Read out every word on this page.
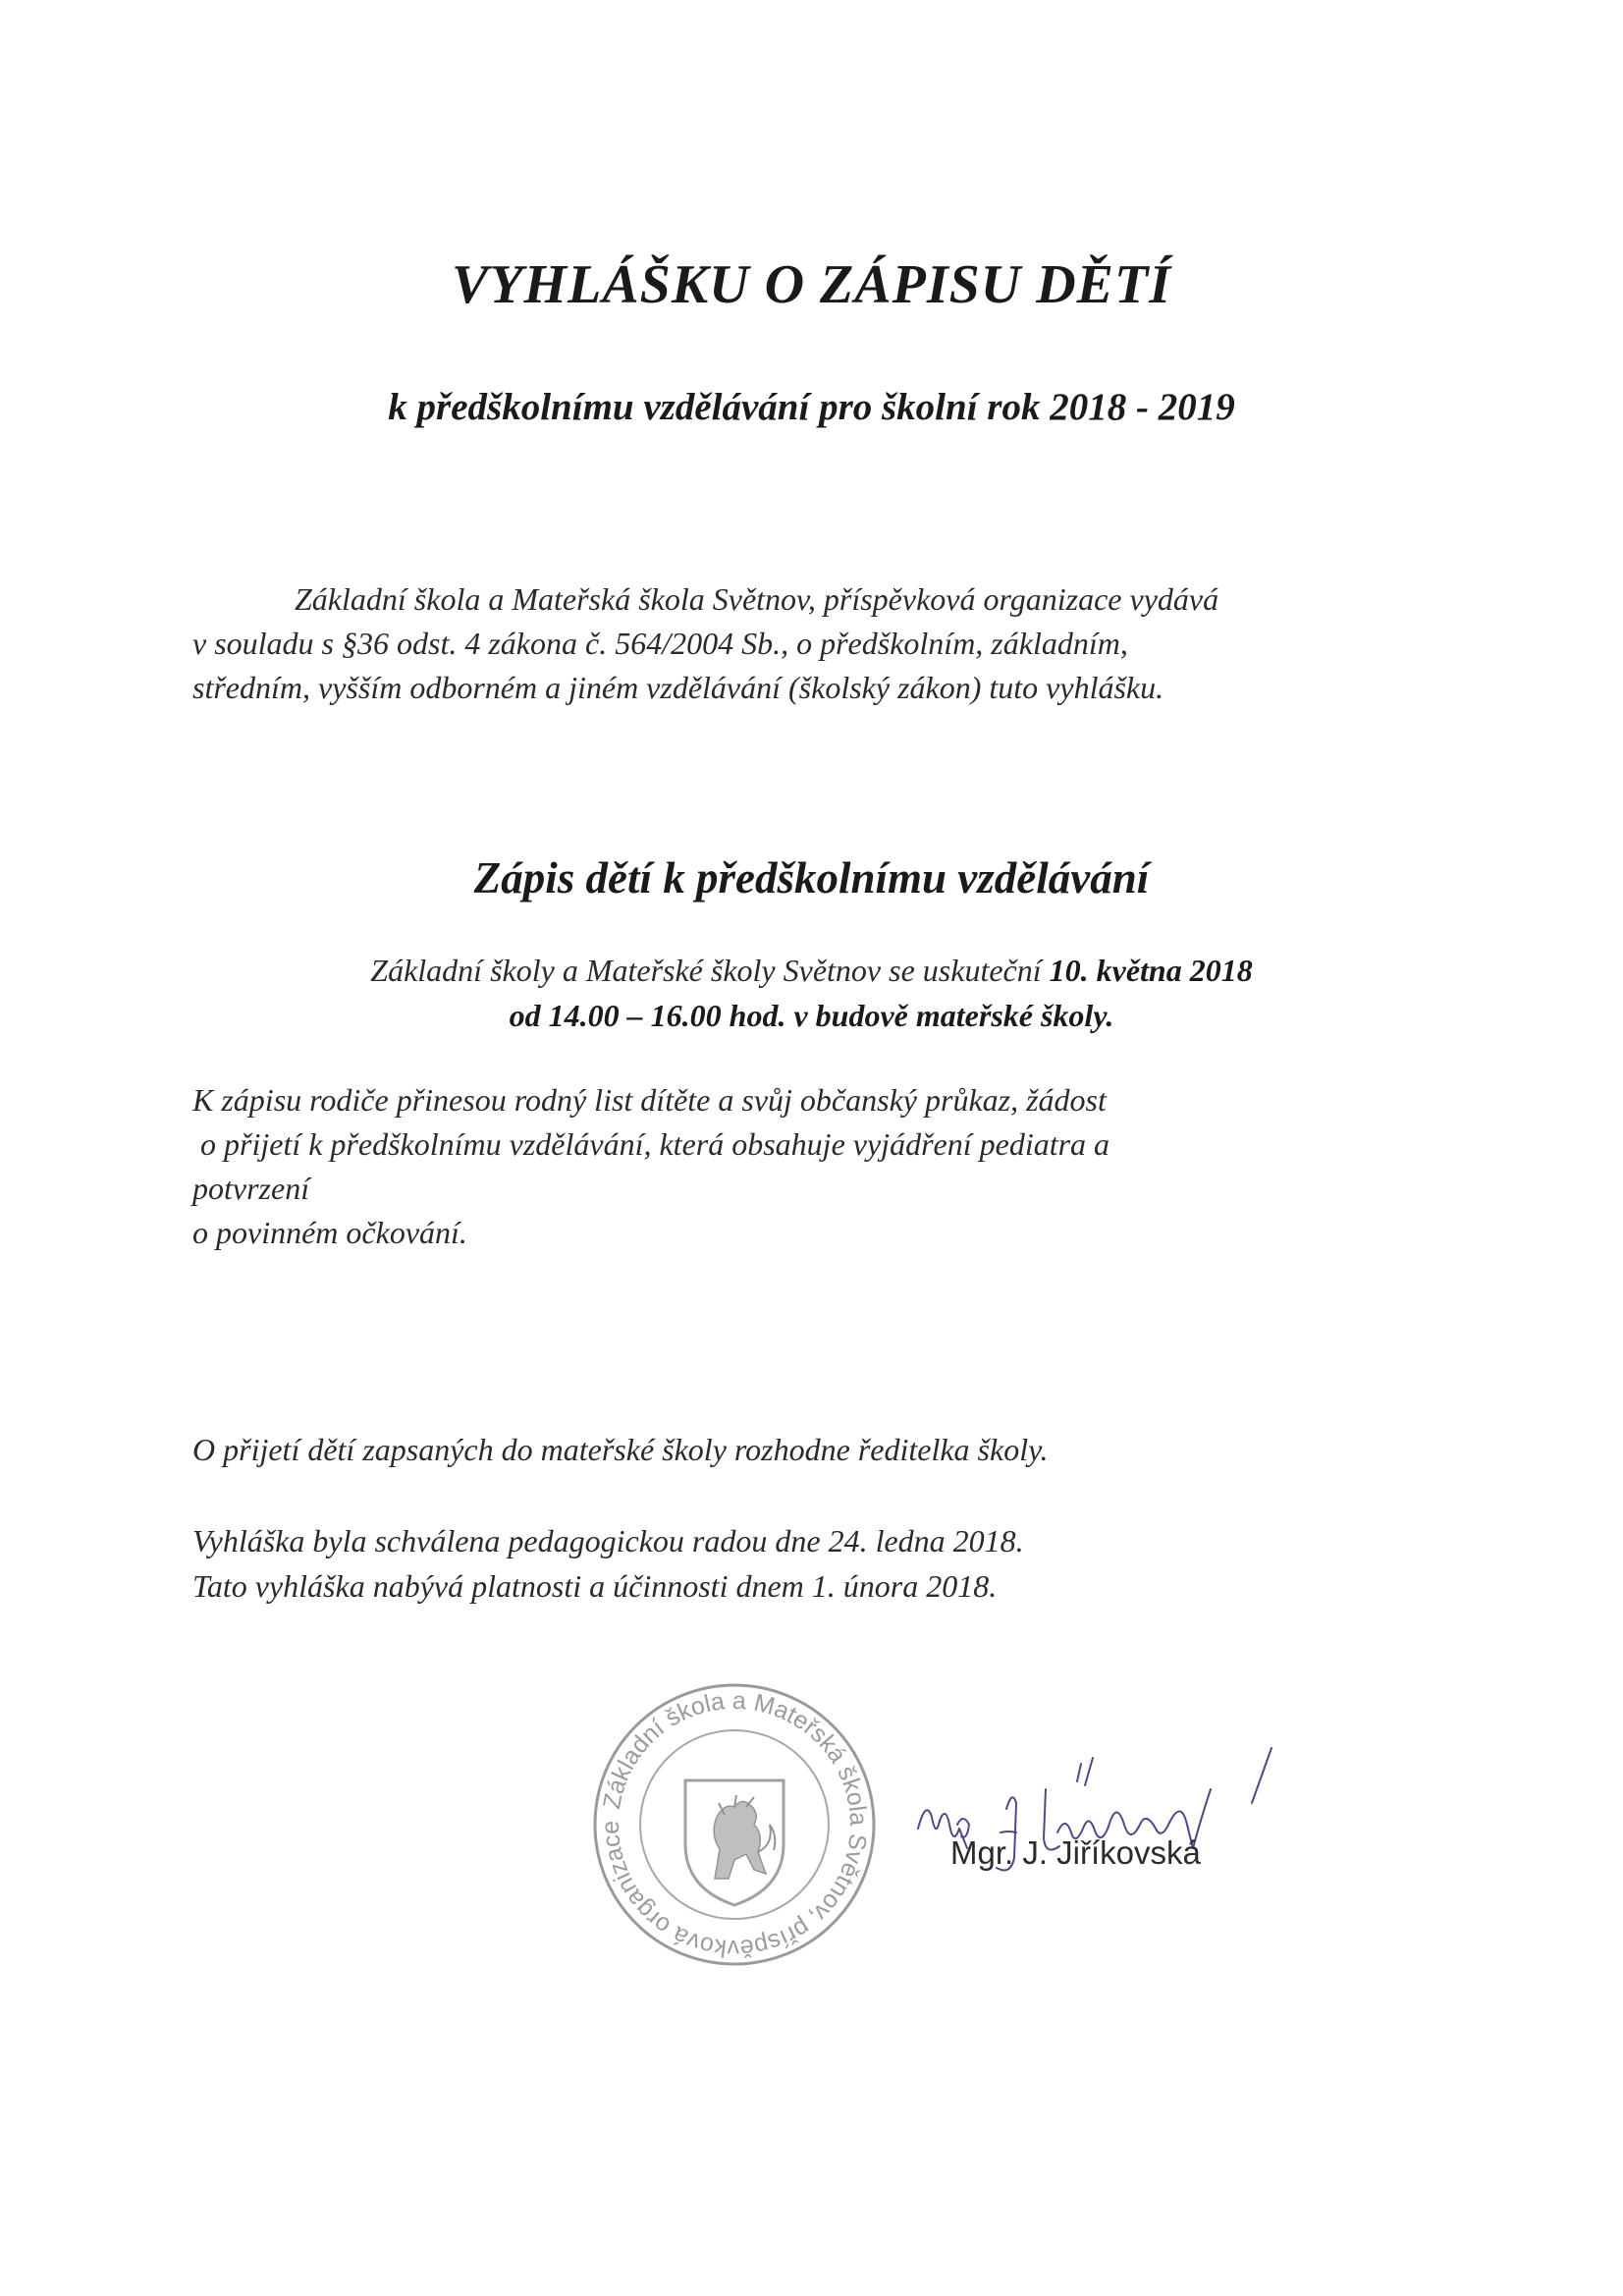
VYHLÁŠKU O ZÁPISU DĚTÍ
k předškolnímu vzdělávání pro školní rok 2018 - 2019
Základní škola a Mateřská škola Světnov, příspěvková organizace vydává
v souladu s §36 odst. 4 zákona č. 564/2004 Sb., o předškolním, základním,
středním, vyšším odborném a jiném vzdělávání (školský zákon) tuto vyhlášku.
Zápis dětí k předškolnímu vzdělávání
Základní školy a Mateřské školy Světnov se uskuteční 10. května 2018
od 14.00 – 16.00 hod. v budově mateřské školy.
K zápisu rodiče přinesou rodný list dítěte a svůj občanský průkaz, žádost
o přijetí k předškolnímu vzdělávání, která obsahuje vyjádření pediatra a
potvrzení
o povinném očkování.
O přijetí dětí zapsaných do mateřské školy rozhodne ředitelka školy.
Vyhláška byla schválena pedagogickou radou dne 24. ledna 2018.
Tato vyhláška nabývá platnosti a účinnosti dnem 1. února 2018.
Základní škola a Mateřská škola Světnov, příspěvková organizace
Mgr. J. Jiříkovská
